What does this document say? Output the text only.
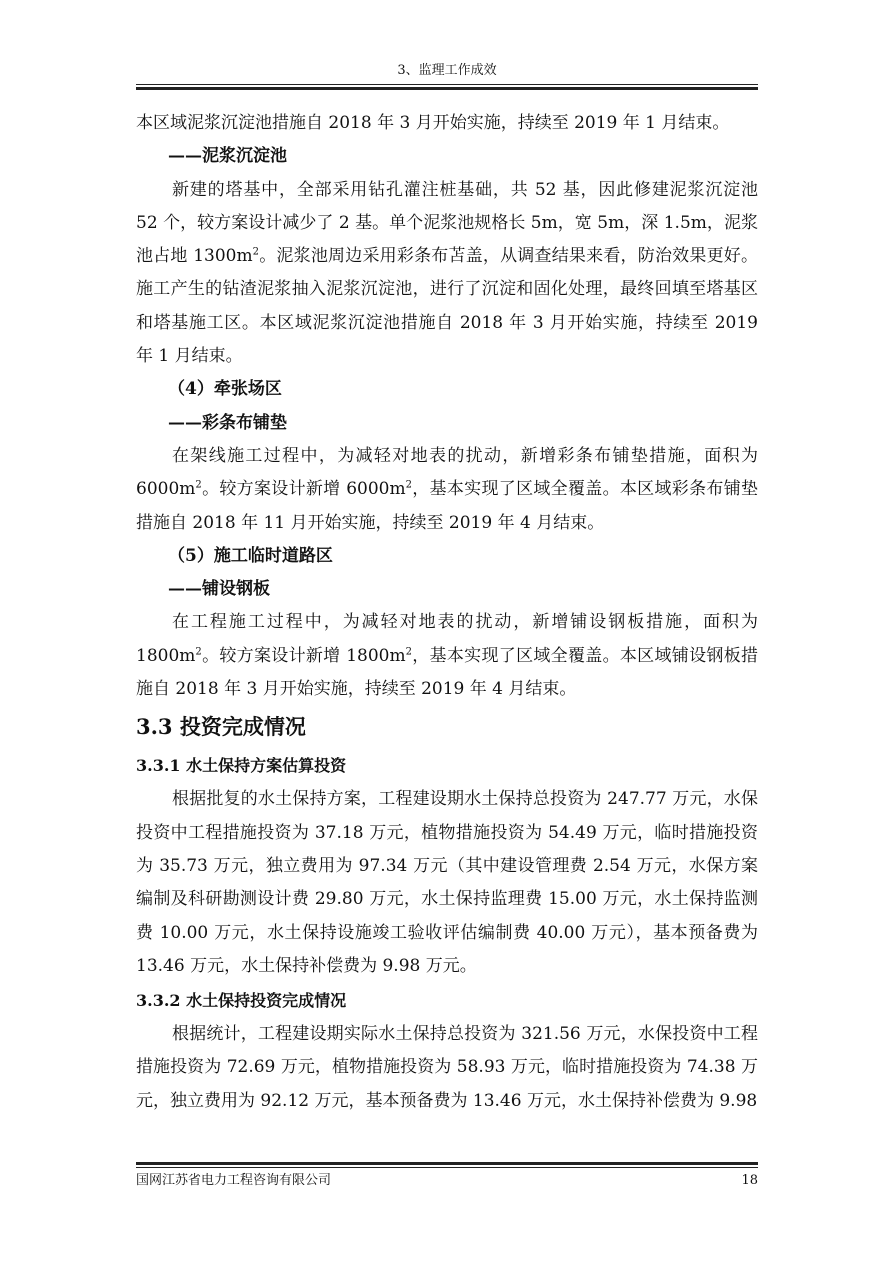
3、监理工作成效

本区域泥浆沉淀池措施自 2018 年 3 月开始实施，持续至 2019 年 1 月结束。

——泥浆沉淀池

新建的塔基中，全部采用钻孔灌注桩基础，共 52 基，因此修建泥浆沉淀池 52 个，较方案设计减少了 2 基。单个泥浆池规格长 5m，宽 5m，深 1.5m，泥浆池占地 $1300m^2$。泥浆池周边采用彩条布苫盖，从调查结果来看，防治效果更好。施工产生的钻渣泥浆抽入泥浆沉淀池，进行了沉淀和固化处理，最终回填至塔基区和塔基施工区。本区域泥浆沉淀池措施自 2018 年 3 月开始实施，持续至 2019 年 1 月结束。

（4）牵张场区

——彩条布铺垫

在架线施工过程中，为减轻对地表的扰动，新增彩条布铺垫措施，面积为 $6000m^2$。较方案设计新增 $6000m^2$，基本实现了区域全覆盖。本区域彩条布铺垫措施自 2018 年 11 月开始实施，持续至 2019 年 4 月结束。

（5）施工临时道路区

——铺设钢板

在工程施工过程中，为减轻对地表的扰动，新增铺设钢板措施，面积为 $1800m^2$。较方案设计新增 $1800m^2$，基本实现了区域全覆盖。本区域铺设钢板措施自 2018 年 3 月开始实施，持续至 2019 年 4 月结束。

3.3 投资完成情况
3.3.1 水土保持方案估算投资

根据批复的水土保持方案，工程建设期水土保持总投资为 247.77 万元，水保投资中工程措施投资为 37.18 万元，植物措施投资为 54.49 万元，临时措施投资为 35.73 万元，独立费用为 97.34 万元（其中建设管理费 2.54 万元，水保方案编制及科研勘测设计费 29.80 万元，水土保持监理费 15.00 万元，水土保持监测费 10.00 万元，水土保持设施竣工验收评估编制费 40.00 万元），基本预备费为 13.46 万元，水土保持补偿费为 9.98 万元。

3.3.2 水土保持投资完成情况

根据统计，工程建设期实际水土保持总投资为 321.56 万元，水保投资中工程措施投资为 72.69 万元，植物措施投资为 58.93 万元，临时措施投资为 74.38 万元，独立费用为 92.12 万元，基本预备费为 13.46 万元，水土保持补偿费为 9.98

国网江苏省电力工程咨询有限公司	18
